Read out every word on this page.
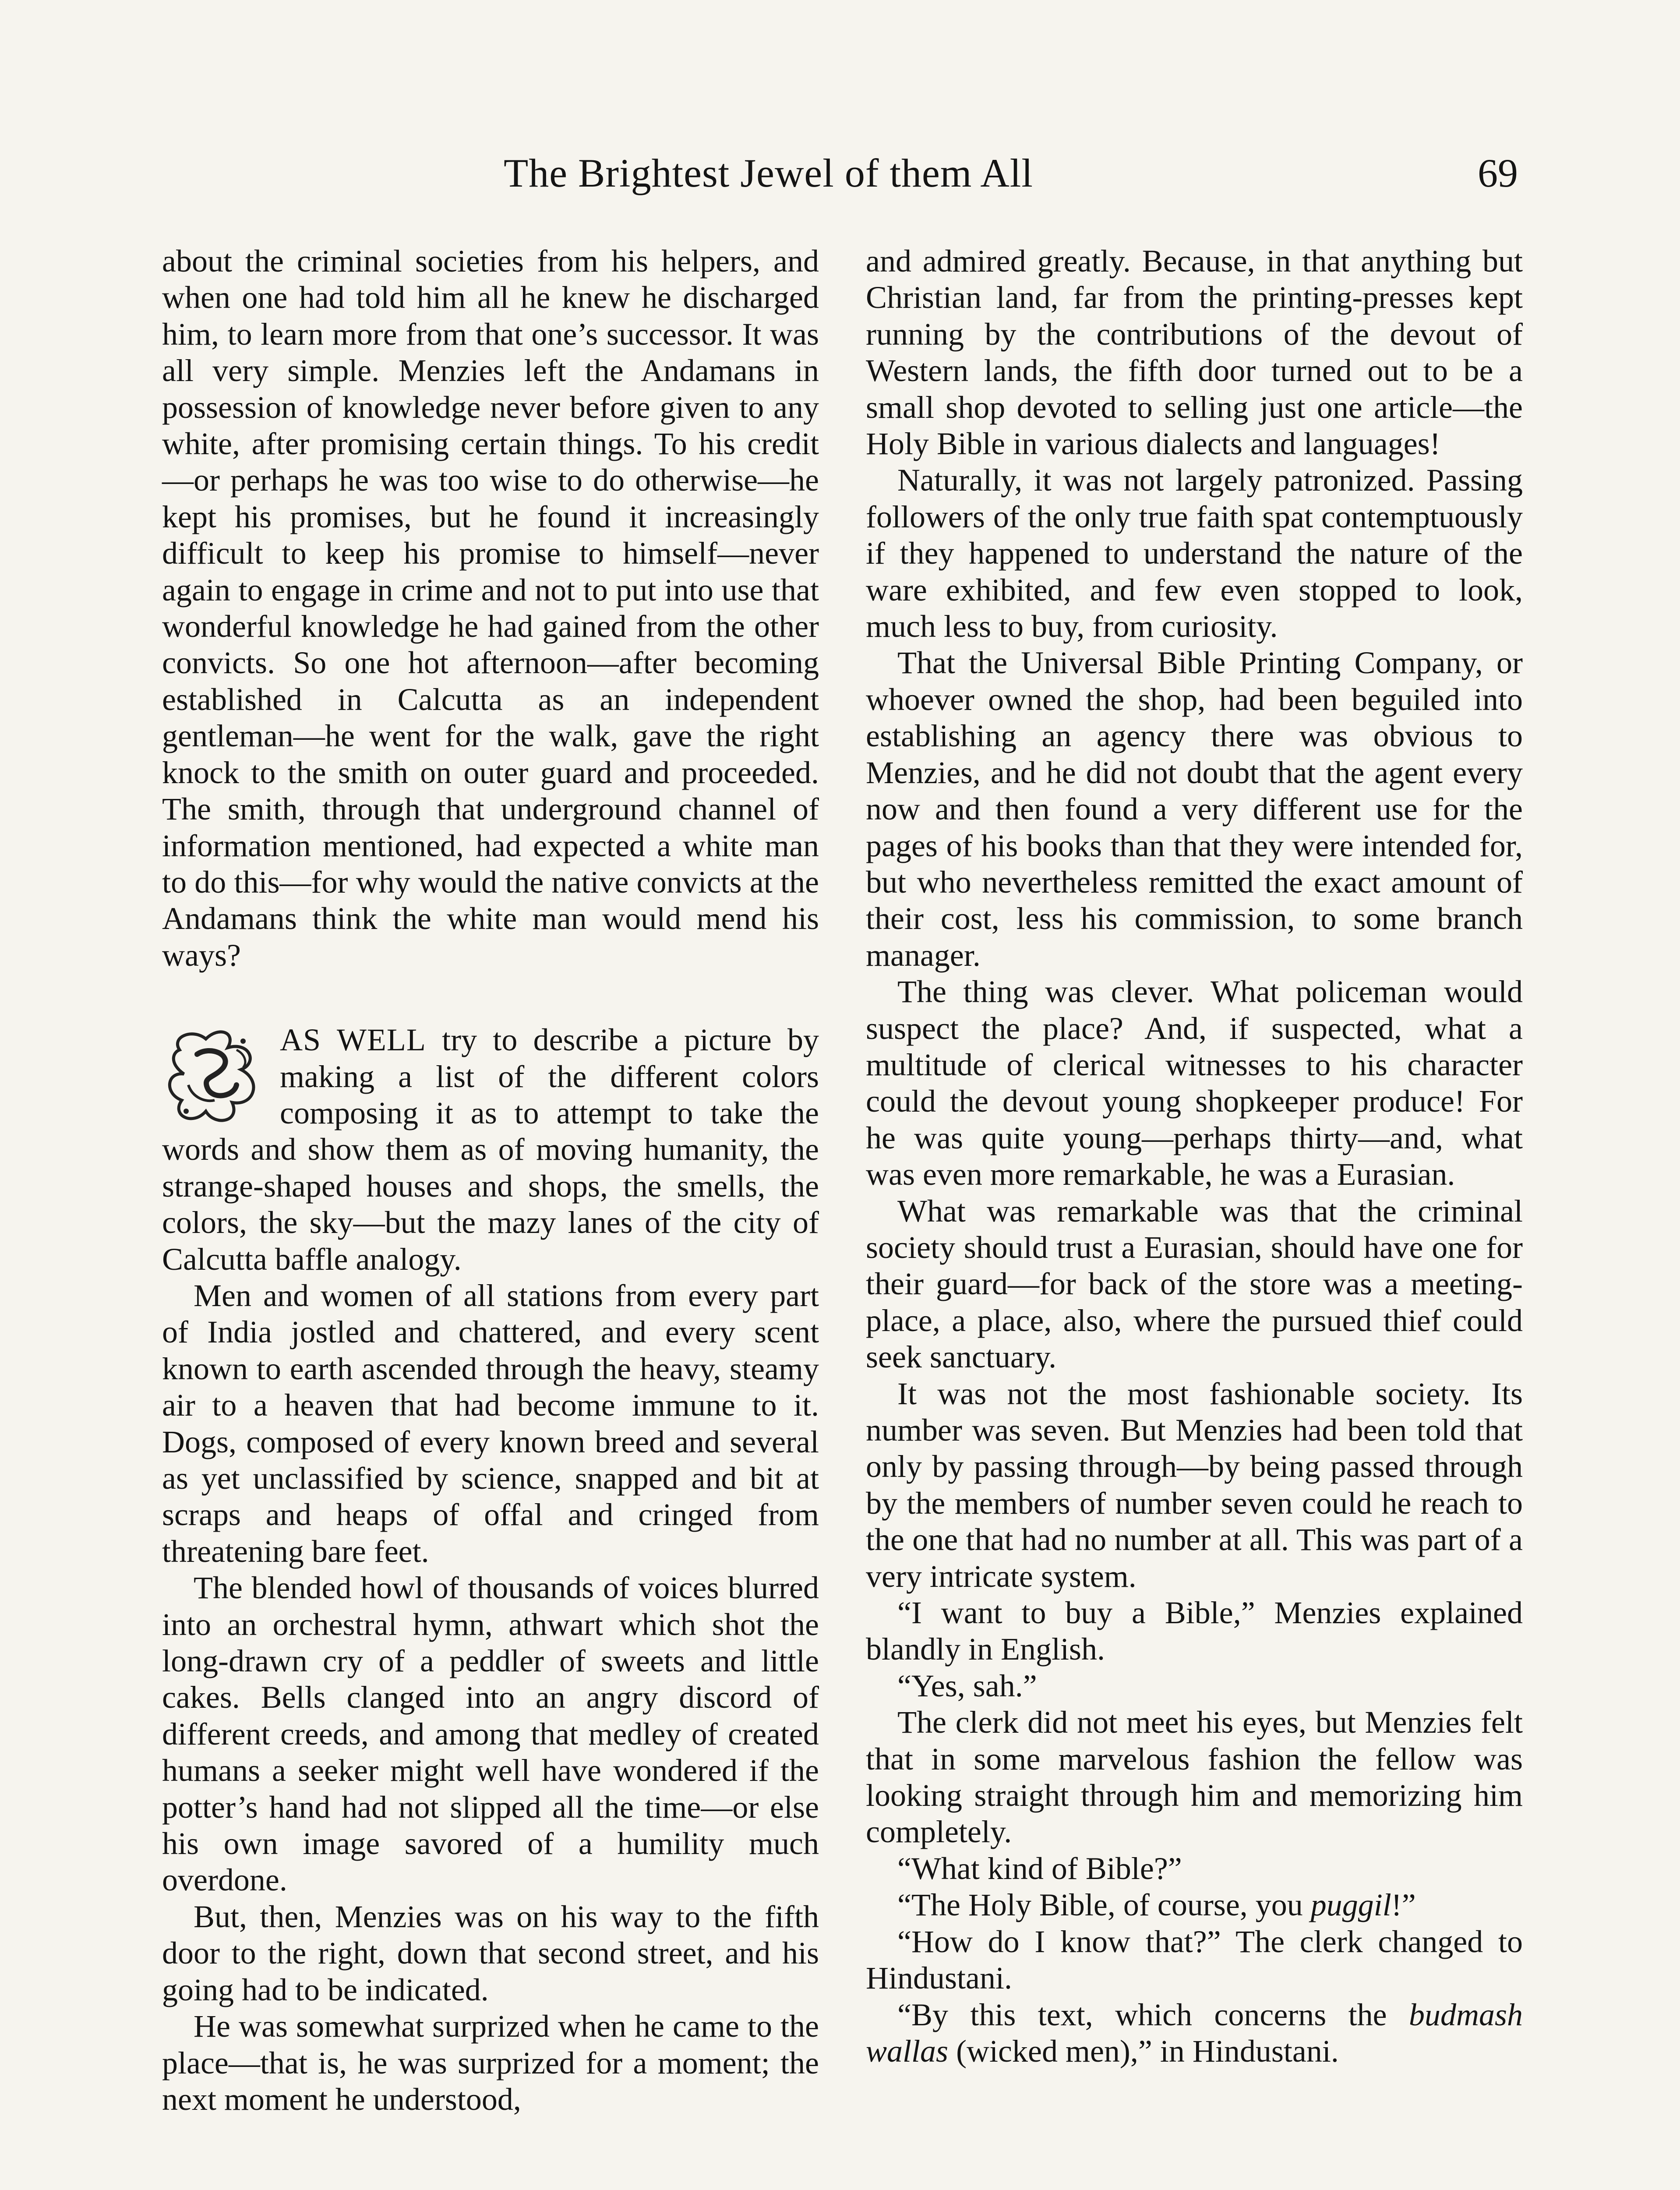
The Brightest Jewel of them All	69

about the criminal societies from his helpers, and when one had told him all he knew he discharged him, to learn more from that one’s successor. It was all very simple. Menzies left the Andamans in possession of knowledge never before given to any white, after promising certain things. To his credit—or perhaps he was too wise to do otherwise—he kept his promises, but he found it increasingly difficult to keep his promise to himself—never again to engage in crime and not to put into use that wonderful knowledge he had gained from the other convicts. So one hot afternoon—after becoming established in Calcutta as an independent gentleman—he went for the walk, gave the right knock to the smith on outer guard and proceeded. The smith, through that underground channel of information mentioned, had expected a white man to do this—for why would the native convicts at the Andamans think the white man would mend his ways?

AS WELL try to describe a picture by making a list of the different colors composing it as to attempt to take the words and show them as of moving humanity, the strange-shaped houses and shops, the smells, the colors, the sky—but the mazy lanes of the city of Calcutta baffle analogy.

Men and women of all stations from every part of India jostled and chattered, and every scent known to earth ascended through the heavy, steamy air to a heaven that had become immune to it. Dogs, composed of every known breed and several as yet unclassified by science, snapped and bit at scraps and heaps of offal and cringed from threatening bare feet.

The blended howl of thousands of voices blurred into an orchestral hymn, athwart which shot the long-drawn cry of a peddler of sweets and little cakes. Bells clanged into an angry discord of different creeds, and among that medley of created humans a seeker might well have wondered if the potter’s hand had not slipped all the time—or else his own image savored of a humility much overdone.

But, then, Menzies was on his way to the fifth door to the right, down that second street, and his going had to be indicated.

He was somewhat surprized when he came to the place—that is, he was surprized for a moment; the next moment he understood,

and admired greatly. Because, in that anything but Christian land, far from the printing-presses kept running by the contributions of the devout of Western lands, the fifth door turned out to be a small shop devoted to selling just one article—the Holy Bible in various dialects and languages!

Naturally, it was not largely patronized. Passing followers of the only true faith spat contemptuously if they happened to understand the nature of the ware exhibited, and few even stopped to look, much less to buy, from curiosity.

That the Universal Bible Printing Company, or whoever owned the shop, had been beguiled into establishing an agency there was obvious to Menzies, and he did not doubt that the agent every now and then found a very different use for the pages of his books than that they were intended for, but who nevertheless remitted the exact amount of their cost, less his commission, to some branch manager.

The thing was clever. What policeman would suspect the place? And, if suspected, what a multitude of clerical witnesses to his character could the devout young shopkeeper produce! For he was quite young—perhaps thirty—and, what was even more remarkable, he was a Eurasian.

What was remarkable was that the criminal society should trust a Eurasian, should have one for their guard—for back of the store was a meeting-place, a place, also, where the pursued thief could seek sanctuary.

It was not the most fashionable society. Its number was seven. But Menzies had been told that only by passing through—by being passed through by the members of number seven could he reach to the one that had no number at all. This was part of a very intricate system.

“I want to buy a Bible,” Menzies explained blandly in English.

“Yes, sah.”

The clerk did not meet his eyes, but Menzies felt that in some marvelous fashion the fellow was looking straight through him and memorizing him completely.

“What kind of Bible?”

“The Holy Bible, of course, you puggil!”

“How do I know that?” The clerk changed to Hindustani.

“By this text, which concerns the budmash wallas (wicked men),” in Hindustani.
